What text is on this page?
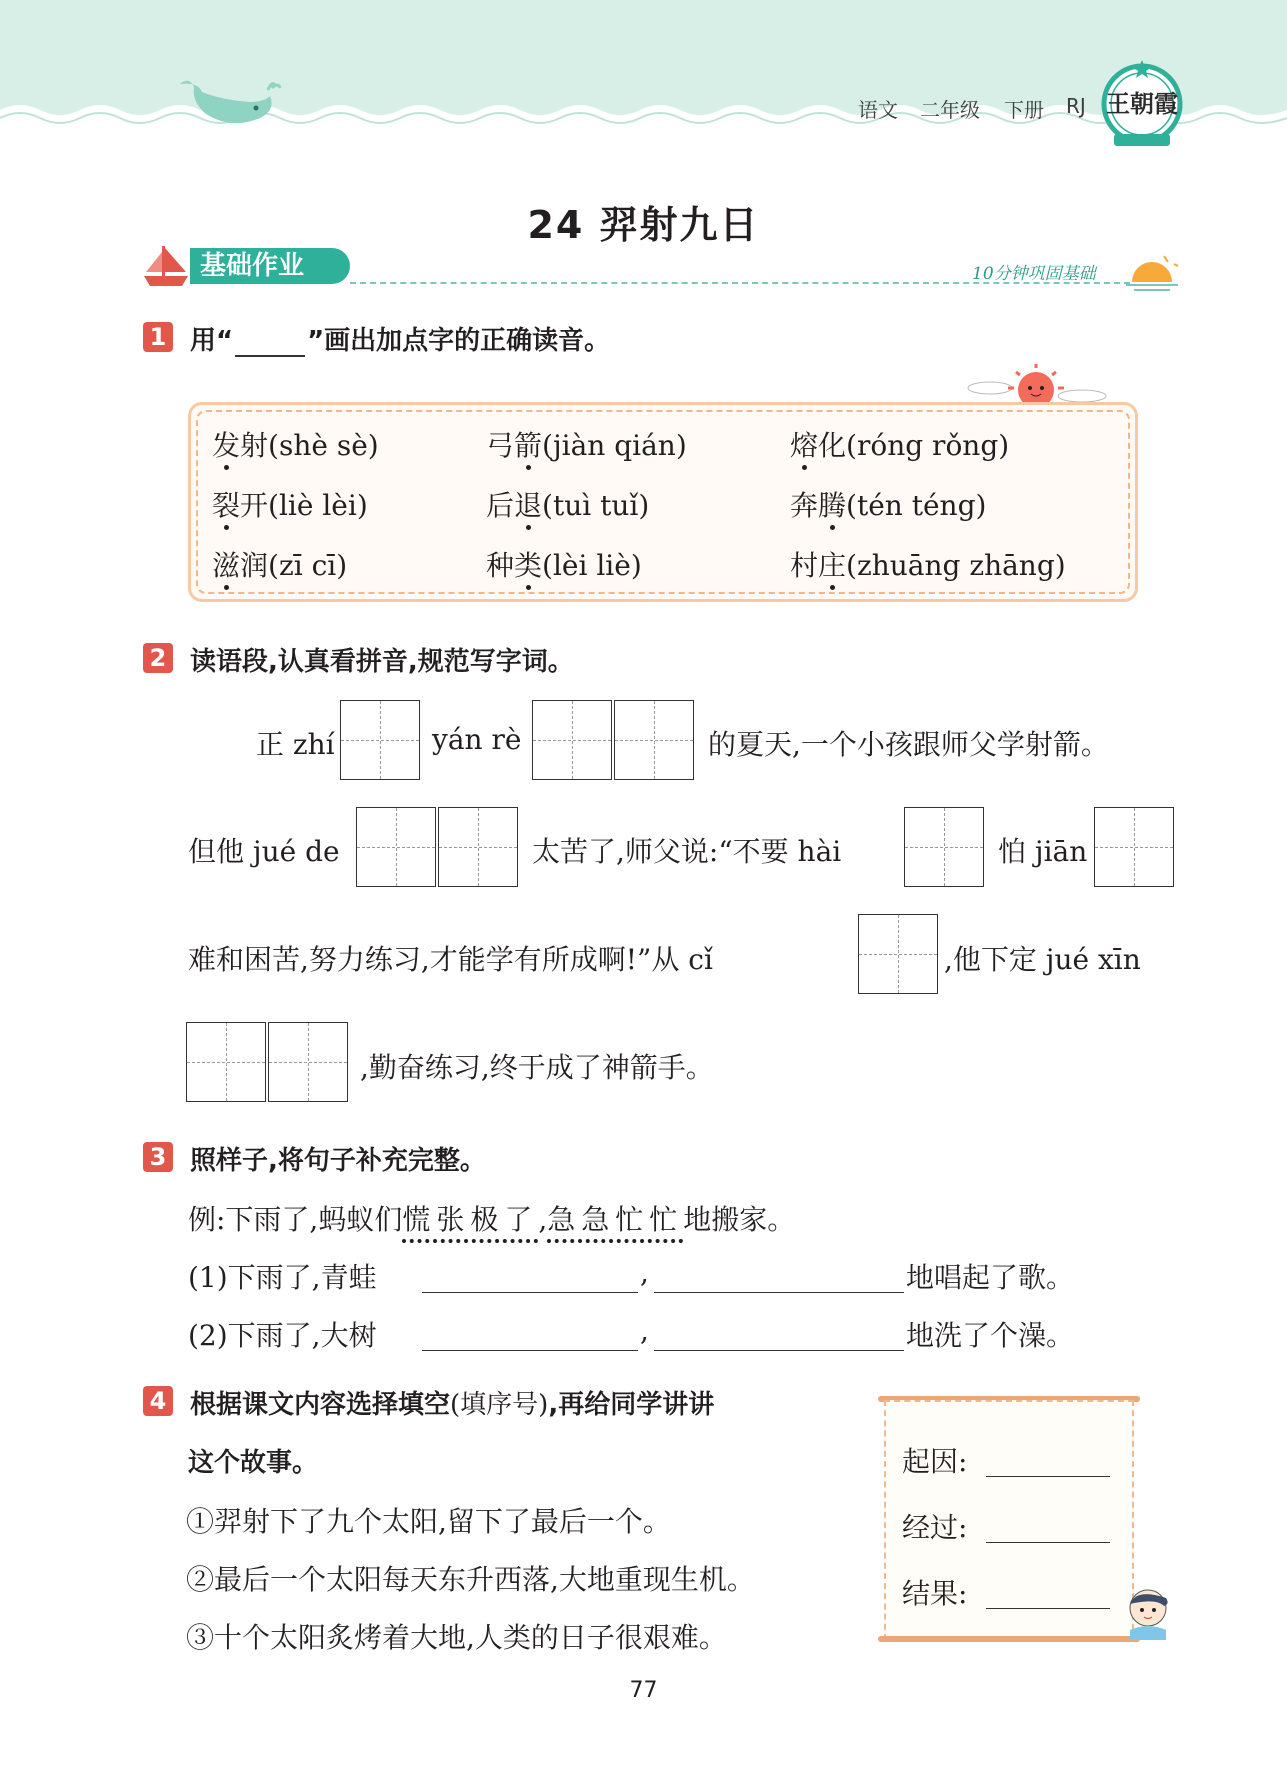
语文 二年级 下册 RJ 王朝霞
24 羿射九日
基础作业	10分钟巩固基础
1 用“	”画出加点字的正确读音。
发射(shè sè)	弓箭(jiàn qián)	熔化(róng rǒng)
裂开(liè lèi)	后退(tuì tuǐ)	奔腾(tén téng)
滋润(zī cī)	种类(lèi liè)	村庄(zhuāng zhāng)
2 读语段,认真看拼音,规范写字词。
正 zhí	yán rè	的夏天,一个小孩跟师父学射箭。
但他 jué de	太苦了,师父说:“不要 hài	怕 jiān
难和困苦,努力练习,才能学有所成啊!”从 cǐ	,他下定 jué xīn
,勤奋练习,终于成了神箭手。
3 照样子,将句子补充完整。
例:下雨了,蚂蚁们慌张极了,急急忙忙地搬家。
(1)下雨了,青蛙	,	地唱起了歌。
(2)下雨了,大树	,	地洗了个澡。
4 根据课文内容选择填空(填序号),再给同学讲讲
这个故事。
①羿射下了九个太阳,留下了最后一个。
②最后一个太阳每天东升西落,大地重现生机。
③十个太阳炙烤着大地,人类的日子很艰难。
起因:
经过:
结果:
77
